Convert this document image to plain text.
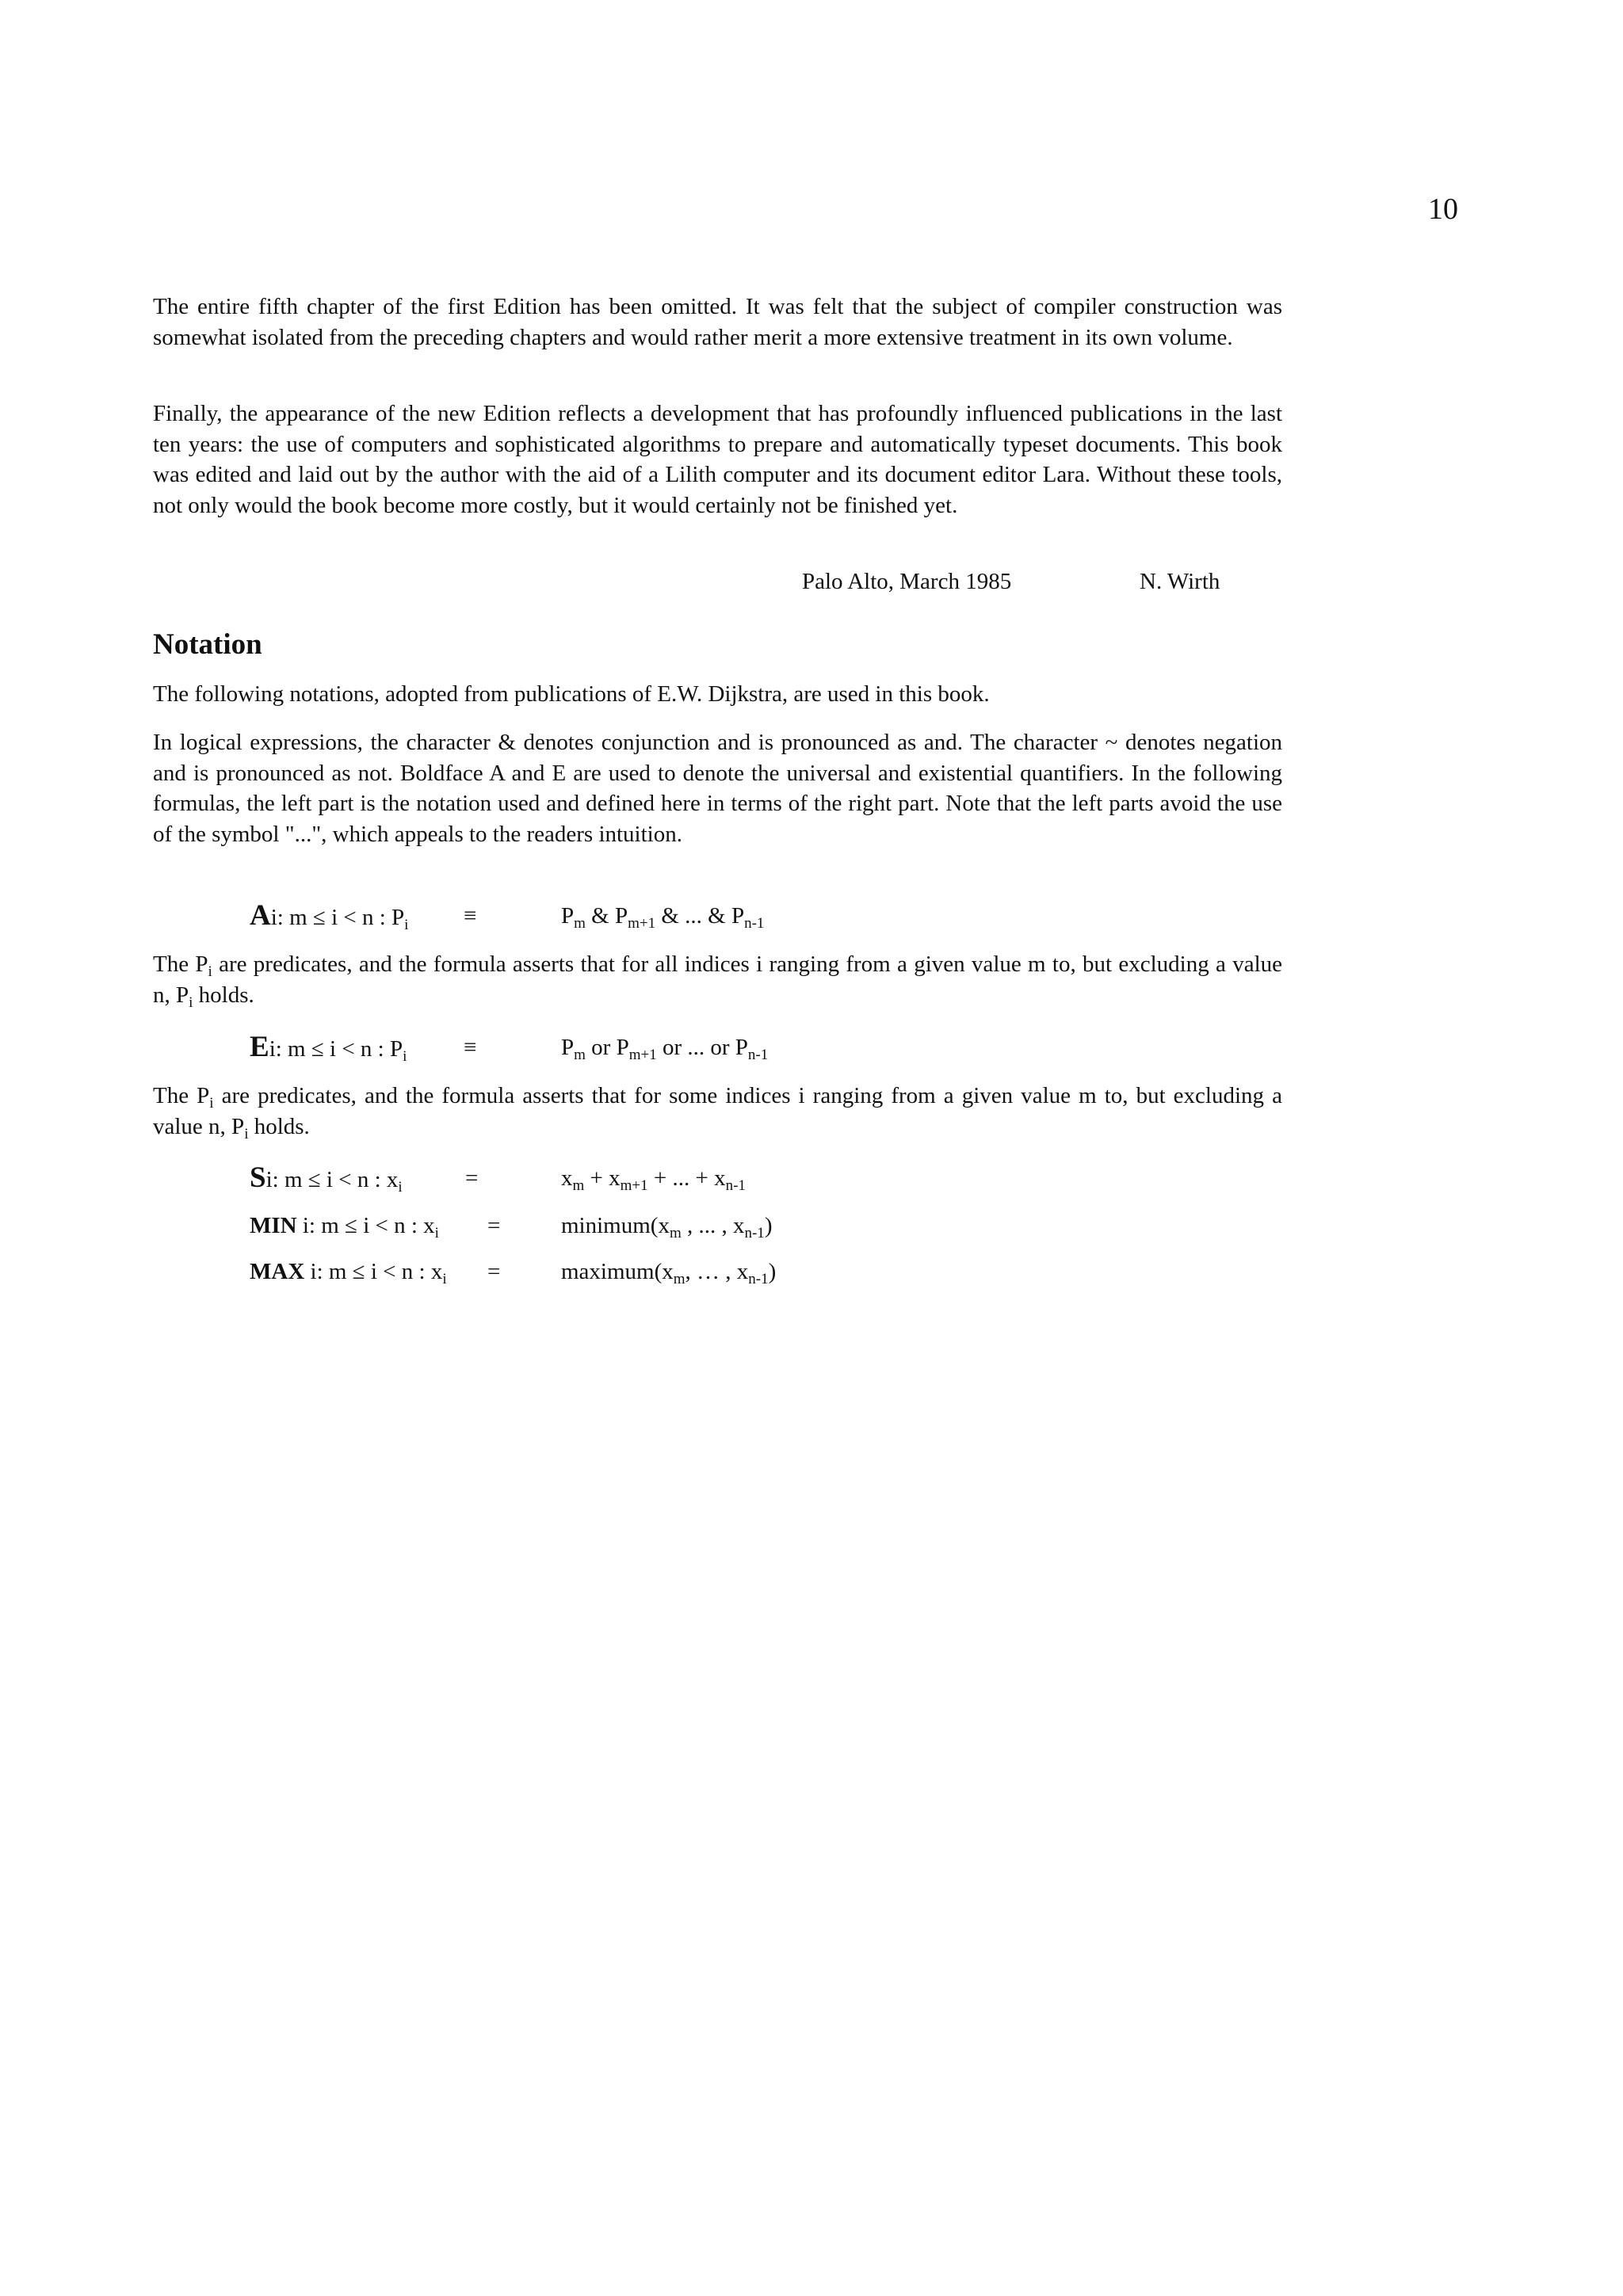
10
The entire fifth chapter of the first Edition has been omitted. It was felt that the subject of compiler construction was somewhat isolated from the preceding chapters and would rather merit a more extensive treatment in its own volume.
Finally, the appearance of the new Edition reflects a development that has profoundly influenced publications in the last ten years: the use of computers and sophisticated algorithms to prepare and automatically typeset documents. This book was edited and laid out by the author with the aid of a Lilith computer and its document editor Lara. Without these tools, not only would the book become more costly, but it would certainly not be finished yet.
Palo Alto, March 1985	N. Wirth
Notation
The following notations, adopted from publications of E.W. Dijkstra, are used in this book.
In logical expressions, the character & denotes conjunction and is pronounced as and. The character ~ denotes negation and is pronounced as not. Boldface A and E are used to denote the universal and existential quantifiers. In the following formulas, the left part is the notation used and defined here in terms of the right part. Note that the left parts avoid the use of the symbol "...", which appeals to the readers intuition.
Ai: m ≤ i < n : $P_i$ ≡	$P_m$ & $P_{m+1}$ & ... & $P_{n-1}$
The $P_i$ are predicates, and the formula asserts that for all indices i ranging from a given value m to, but excluding a value n, $P_i$ holds.
Ei: m ≤ i < n : $P_i$ ≡	$P_m$ or $P_{m+1}$ or ... or $P_{n-1}$
The $P_i$ are predicates, and the formula asserts that for some indices i ranging from a given value m to, but excluding a value n, $P_i$ holds.
Si: m ≤ i < n : $x_i$	=	$x_m + x_{m+1}$ + ... + $x_{n-1}$
MIN i: m ≤ i < n : $x_i$ =	$minimum(x_m$ , ... , $x_{n-1}$)
MAX i: m ≤ i < n : $x_i$ =	$maximum(x_m$, … , $x_{n-1}$)
